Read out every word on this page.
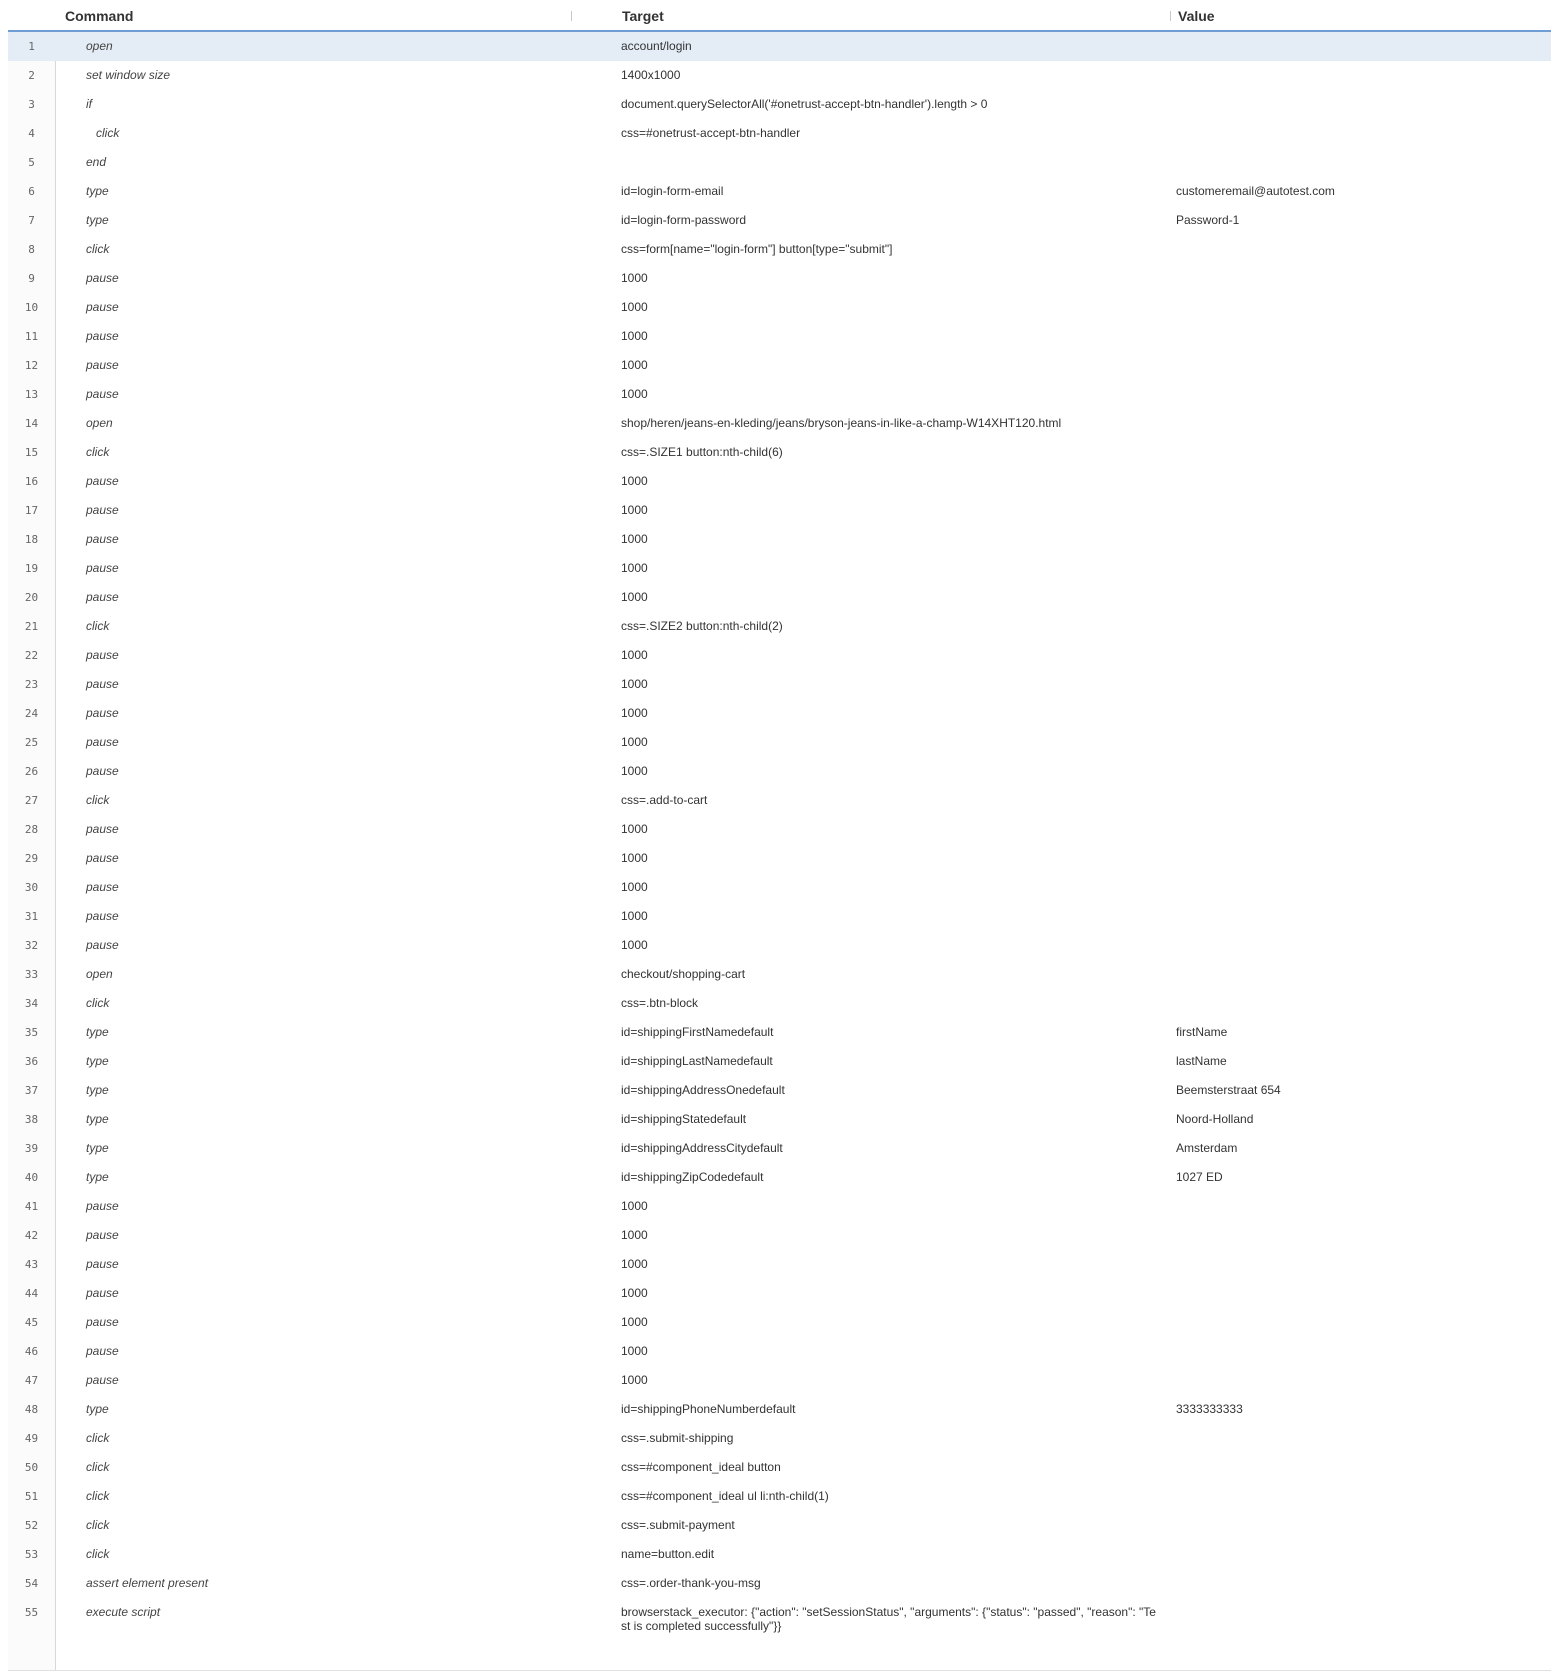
Command	Target	Value
1	open	account/login
2	set window size	1400x1000
3	if	document.querySelectorAll('#onetrust-accept-btn-handler').length > 0
4	click	css=#onetrust-accept-btn-handler
5	end
6	type	id=login-form-email	customeremail@autotest.com
7	type	id=login-form-password	Password-1
8	click	css=form[name="login-form"] button[type="submit"]
9	pause	1000
10	pause	1000
11	pause	1000
12	pause	1000
13	pause	1000
14	open	shop/heren/jeans-en-kleding/jeans/bryson-jeans-in-like-a-champ-W14XHT120.html
15	click	css=.SIZE1 button:nth-child(6)
16	pause	1000
17	pause	1000
18	pause	1000
19	pause	1000
20	pause	1000
21	click	css=.SIZE2 button:nth-child(2)
22	pause	1000
23	pause	1000
24	pause	1000
25	pause	1000
26	pause	1000
27	click	css=.add-to-cart
28	pause	1000
29	pause	1000
30	pause	1000
31	pause	1000
32	pause	1000
33	open	checkout/shopping-cart
34	click	css=.btn-block
35	type	id=shippingFirstNamedefault	firstName
36	type	id=shippingLastNamedefault	lastName
37	type	id=shippingAddressOnedefault	Beemsterstraat 654
38	type	id=shippingStatedefault	Noord-Holland
39	type	id=shippingAddressCitydefault	Amsterdam
40	type	id=shippingZipCodedefault	1027 ED
41	pause	1000
42	pause	1000
43	pause	1000
44	pause	1000
45	pause	1000
46	pause	1000
47	pause	1000
48	type	id=shippingPhoneNumberdefault	3333333333
49	click	css=.submit-shipping
50	click	css=#component_ideal button
51	click	css=#component_ideal ul li:nth-child(1)
52	click	css=.submit-payment
53	click	name=button.edit
54	assert element present	css=.order-thank-you-msg
55	execute script	browserstack_executor: {"action": "setSessionStatus", "arguments": {"status": "passed", "reason": "Test is completed successfully"}}
